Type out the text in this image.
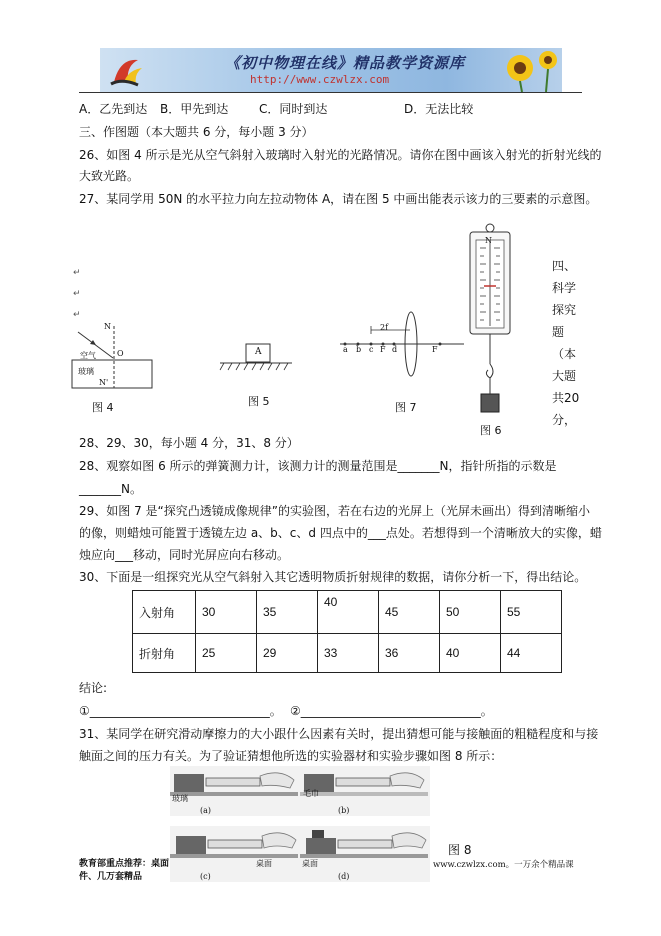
《初中物理在线》精品教学资源库
http://www.czwlzx.com
A．乙先到达 B．甲先到达	C．同时到达	D．无法比较
三、作图题（本大题共 6 分，每小题 3 分）
26、如图 4 所示是光从空气斜射入玻璃时入射光的光路情况。请你在图中画该入射光的折射光线的
大致光路。
27、某同学用 50N 的水平拉力向左拉动物体 A，请在图 5 中画出能表示该力的三要素的示意图。
↵
↵
↵
N
O
空气
玻璃
N'
图 4
A
图 5
2f
a b c F d	F
图 7
N
图 6
四、
科学
探究
题
（本
大题
共20
分，
28、29、30，每小题 4 分，31、8 分）
28、观察如图 6 所示的弹簧测力计，该测力计的测量范围是_______N，指针所指的示数是
_______N。
29、如图 7 是“探究凸透镜成像规律”的实验图，若在右边的光屏上（光屏未画出）得到清晰缩小
的像，则蜡烛可能置于透镜左边 a、b、c、d 四点中的___点处。若想得到一个清晰放大的实像，蜡
烛应向___移动，同时光屏应向右移动。
30、下面是一组探究光从空气斜射入其它透明物质折射规律的数据，请你分析一下，得出结论。
入射角	30	35	40	45	50	55
折射角	25	29	33	36	40	44
结论:
①______________________________。 ②______________________________。
31、某同学在研究滑动摩擦力的大小跟什么因素有关时，提出猜想可能与接触面的粗糙程度和与接
触面之间的压力有关。为了验证猜想他所选的实验器材和实验步骤如图 8 所示：
玻璃
(a)
毛巾
(b)
(c)
桌面	桌面
(d)
图 8
教育部重点推荐：桌面
件、几万套精品
www.czwlzx.com。一万余个精品课
